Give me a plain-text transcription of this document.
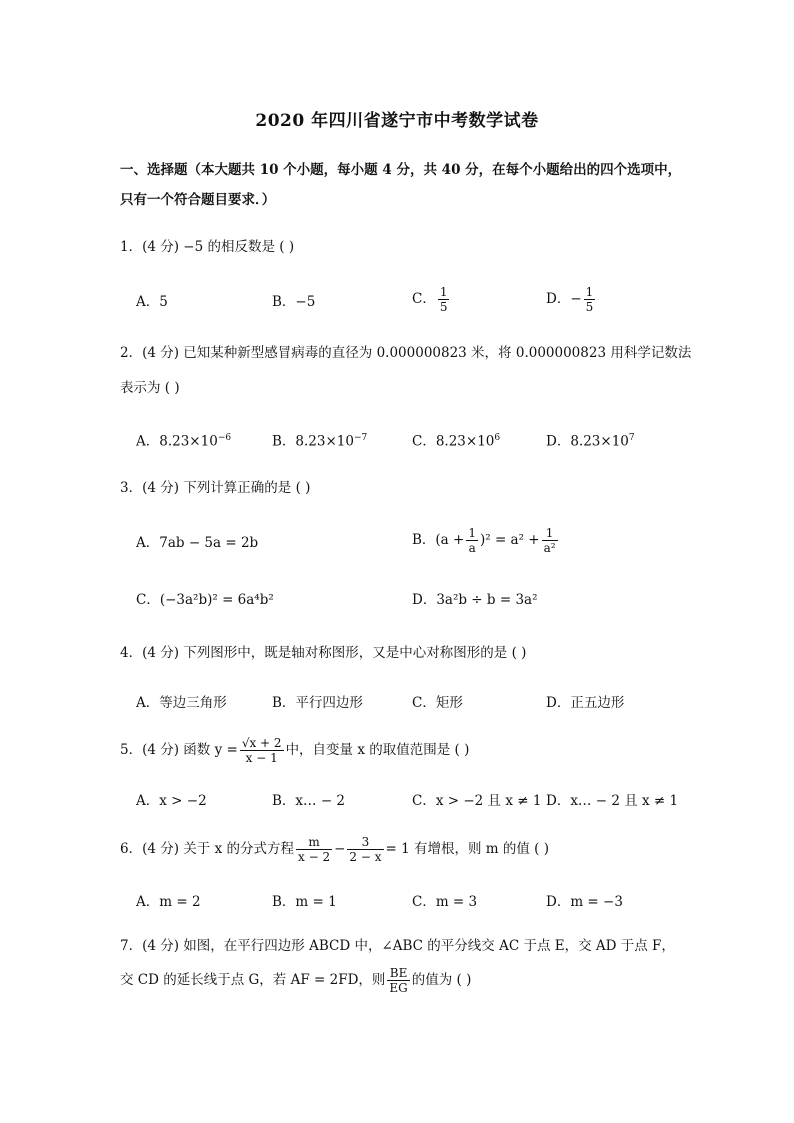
2020 年四川省遂宁市中考数学试卷
一、选择题（本大题共 10 个小题，每小题 4 分，共 40 分，在每个小题给出的四个选项中，
只有一个符合题目要求．）
1．(4 分) −5 的相反数是 ( )
A．5	B．−5	C． $\frac{1}{5}$	D．− $\frac{1}{5}$
2．(4 分) 已知某种新型感冒病毒的直径为 0.000000823 米，将 0.000000823 用科学记数法
表示为 ( )
A．$8.23\times 10^{-6}$	B．$8.23\times 10^{-7}$	C．$8.23\times 10^6$	D．$8.23\times 10^7$
3．(4 分) 下列计算正确的是 ( )
A．7ab − 5a = 2b	B．$(a + \frac{1}{a} )^2 = a^2 + \frac{1}{\text{a²}}$
C．(−3a²b)² = 6a⁴b²	D．3a²b ÷ b = 3a²
4．(4 分) 下列图形中，既是轴对称图形，又是中心对称图形的是 ( )
A．等边三角形	B．平行四边形	C．矩形	D．正五边形
5．(4 分) 函数 $y = \frac{√x + 2}{x - 1}$ 中，自变量 x 的取值范围是 ( )
A．x > −2	B．x… − 2	C．x > −2 且 x ≠ 1 D．x… − 2 且 x ≠ 1
6．(4 分) 关于 x 的分式方程 $\frac{m}{x - 2} - \frac{3}{2 - x} = 1$ 有增根，则 m 的值 ( )
A．m = 2	B．m = 1	C．m = 3	D．m = −3
7．(4 分) 如图，在平行四边形 ABCD 中，∠ABC 的平分线交 AC 于点 E，交 AD 于点 F，
交 CD 的延长线于点 G，若 AF = 2FD，则 $\frac{BE}{EG}$ 的值为 ( )
